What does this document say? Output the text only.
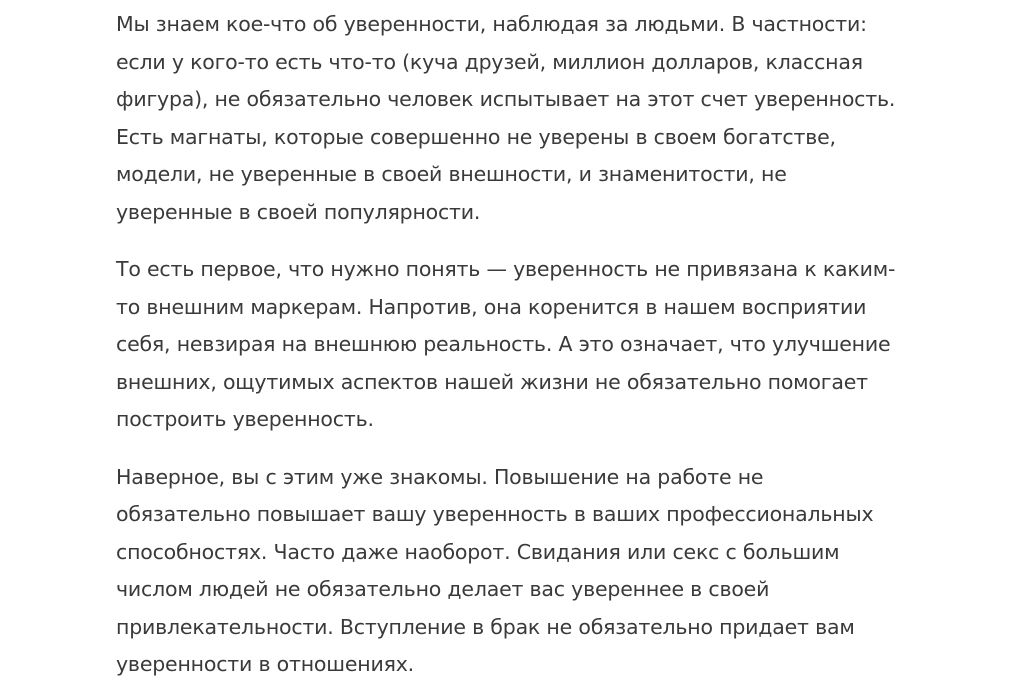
Мы знаем кое-что об уверенности, наблюдая за людьми. В частности:
если у кого-то есть что-то (куча друзей, миллион долларов, классная
фигура), не обязательно человек испытывает на этот счет уверенность.
Есть магнаты, которые совершенно не уверены в своем богатстве,
модели, не уверенные в своей внешности, и знаменитости, не
уверенные в своей популярности.

То есть первое, что нужно понять — уверенность не привязана к каким-
то внешним маркерам. Напротив, она коренится в нашем восприятии
себя, невзирая на внешнюю реальность. А это означает, что улучшение
внешних, ощутимых аспектов нашей жизни не обязательно помогает
построить уверенность.

Наверное, вы с этим уже знакомы. Повышение на работе не
обязательно повышает вашу уверенность в ваших профессиональных
способностях. Часто даже наоборот. Свидания или секс с большим
числом людей не обязательно делает вас увереннее в своей
привлекательности. Вступление в брак не обязательно придает вам
уверенности в отношениях.
